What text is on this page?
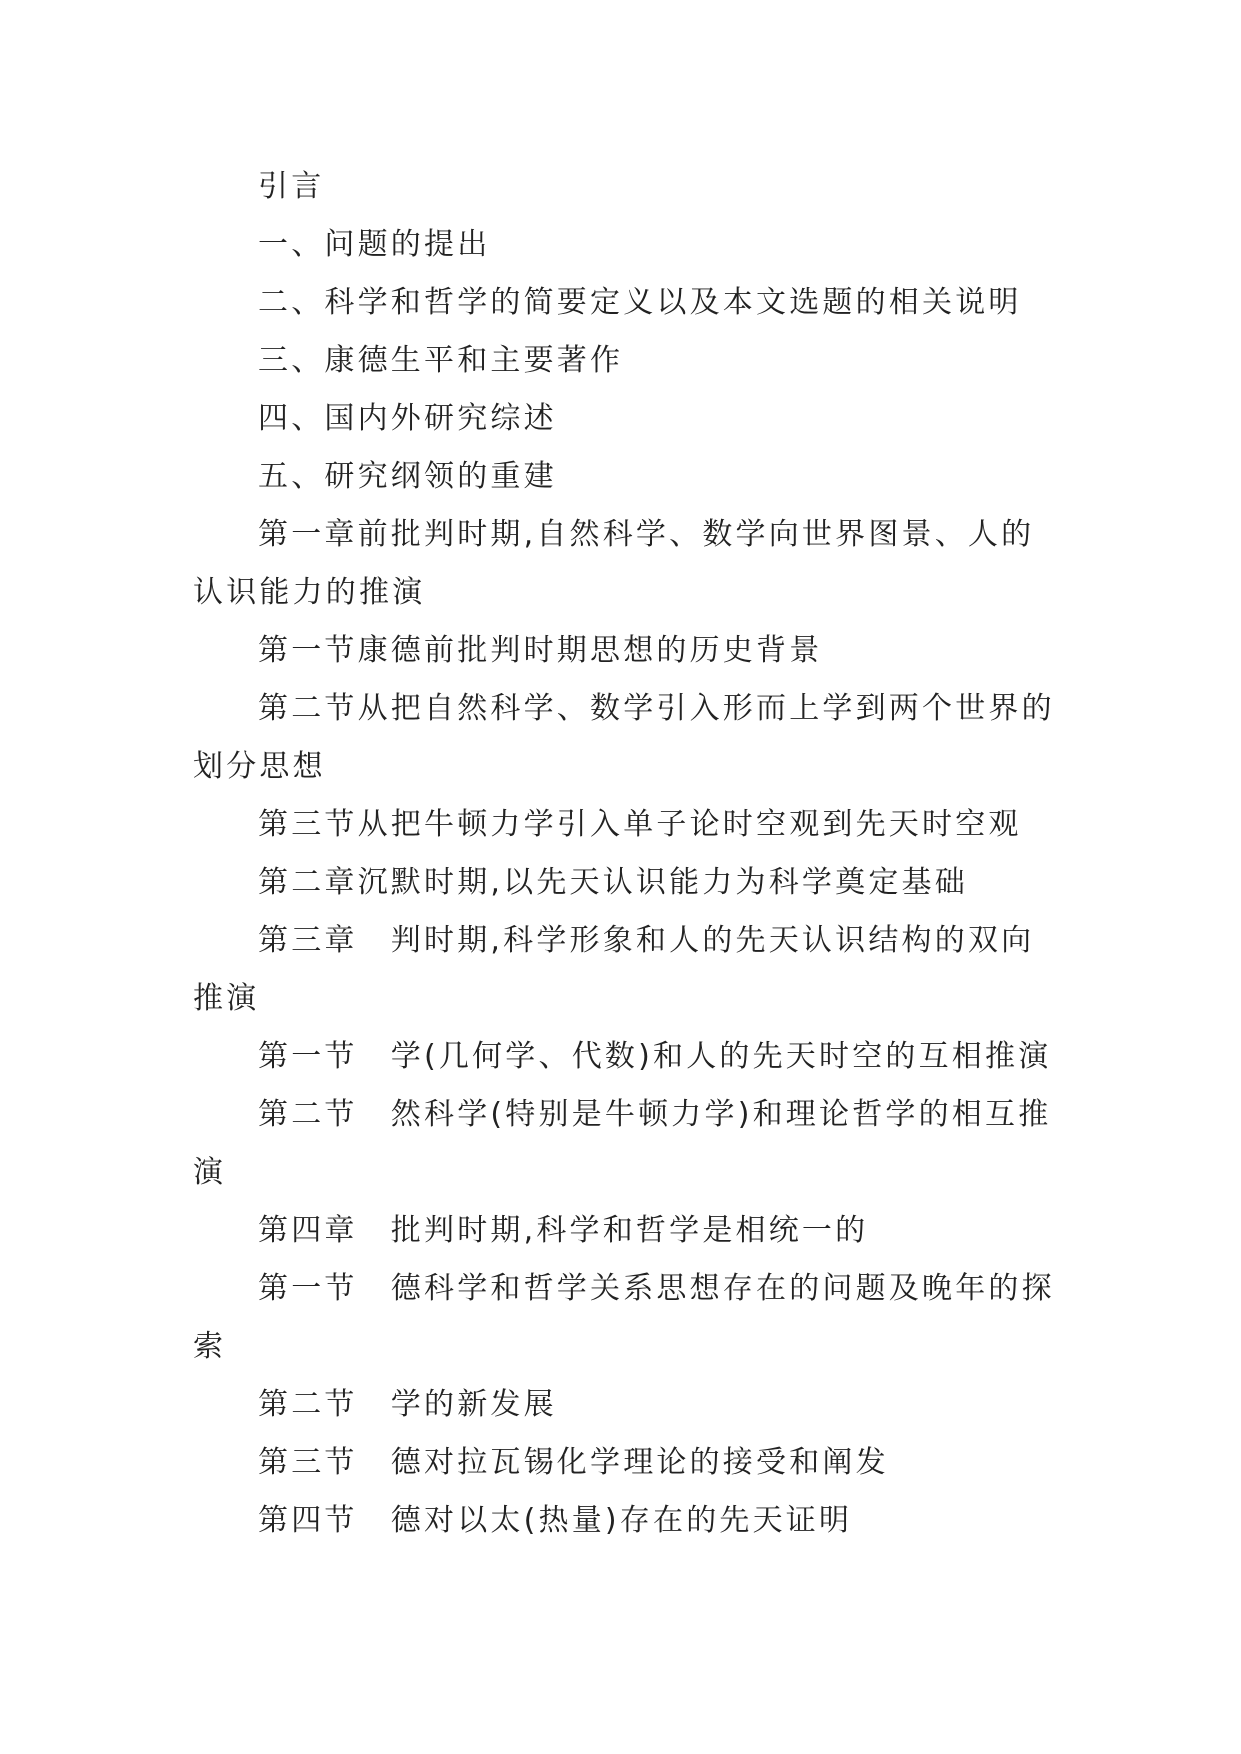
引言

一、问题的提出

二、科学和哲学的简要定义以及本文选题的相关说明

三、康德生平和主要著作

四、国内外研究综述

五、研究纲领的重建

第一章前批判时期,自然科学、数学向世界图景、人的认识能力的推演

第一节康德前批判时期思想的历史背景

第二节从把自然科学、数学引入形而上学到两个世界的划分思想

第三节从把牛顿力学引入单子论时空观到先天时空观

第二章沉默时期,以先天认识能力为科学奠定基础

第三章　判时期,科学形象和人的先天认识结构的双向推演

第一节　学(几何学、代数)和人的先天时空的互相推演

第二节　然科学(特别是牛顿力学)和理论哲学的相互推演

第四章　批判时期,科学和哲学是相统一的

第一节　德科学和哲学关系思想存在的问题及晚年的探索

第二节　学的新发展

第三节　德对拉瓦锡化学理论的接受和阐发

第四节　德对以太(热量)存在的先天证明
